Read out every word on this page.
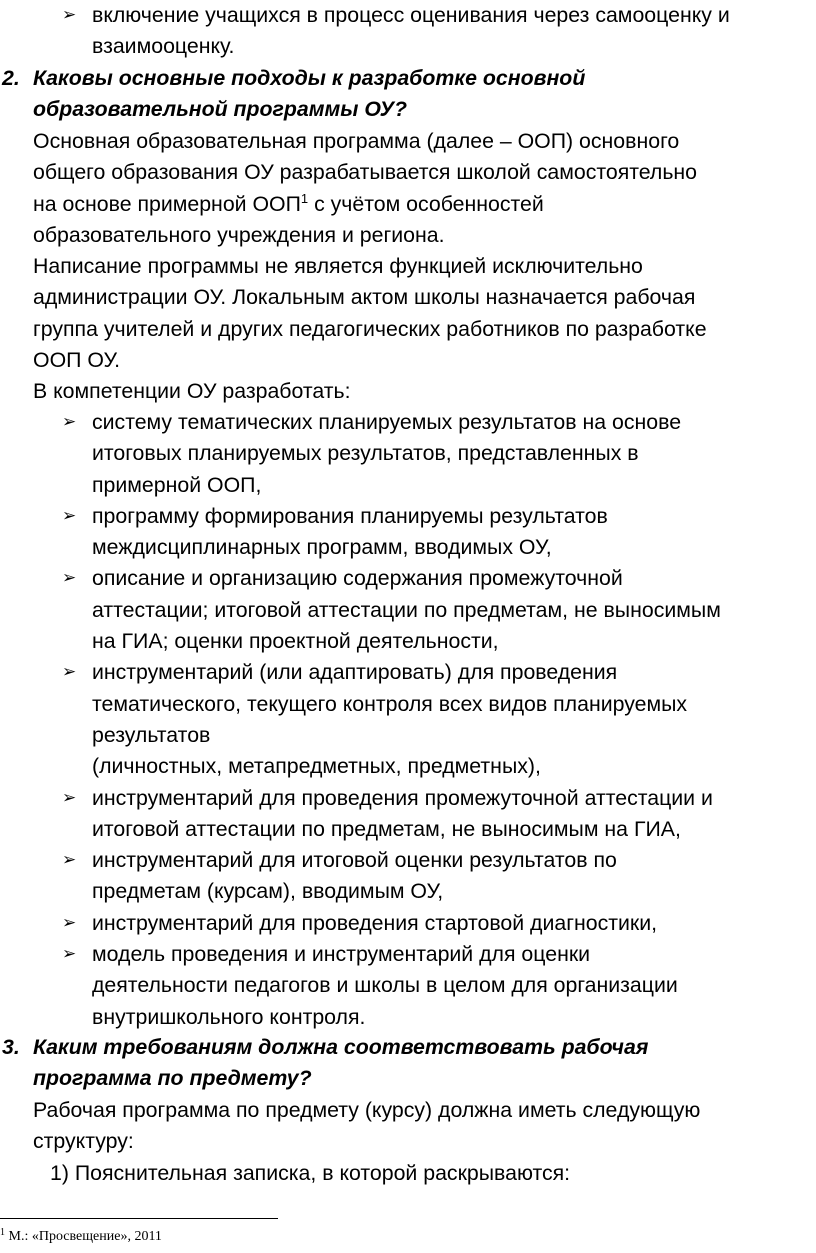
➢ включение учащихся в процесс оценивания через самооценку и

взаимооценку.

2. Каковы основные подходы к разработке основной

образовательной программы ОУ?

Основная образовательная программа (далее – ООП) основного

общего образования ОУ разрабатывается школой самостоятельно

на основе примерной ООП$^1$ с учётом особенностей

образовательного учреждения и региона.

Написание программы не является функцией исключительно

администрации ОУ. Локальным актом школы назначается рабочая

группа учителей и других педагогических работников по разработке

ООП ОУ.

В компетенции ОУ разработать:

➢ систему тематических планируемых результатов на основе

итоговых планируемых результатов, представленных в

примерной ООП,

➢ программу формирования планируемы результатов

междисциплинарных программ, вводимых ОУ,

➢ описание и организацию содержания промежуточной

аттестации; итоговой аттестации по предметам, не выносимым

на ГИА; оценки проектной деятельности,

➢ инструментарий (или адаптировать) для проведения

тематического, текущего контроля всех видов планируемых

результатов

(личностных, метапредметных, предметных),

➢ инструментарий для проведения промежуточной аттестации и

итоговой аттестации по предметам, не выносимым на ГИА,

➢ инструментарий для итоговой оценки результатов по

предметам (курсам), вводимым ОУ,

➢ инструментарий для проведения стартовой диагностики,

➢ модель проведения и инструментарий для оценки

деятельности педагогов и школы в целом для организации

внутришкольного контроля.

3. Каким требованиям должна соответствовать рабочая

программа по предмету?

Рабочая программа по предмету (курсу) должна иметь следующую

структуру:

1) Пояснительная записка, в которой раскрываются:

$^1$ М.: «Просвещение», 2011
